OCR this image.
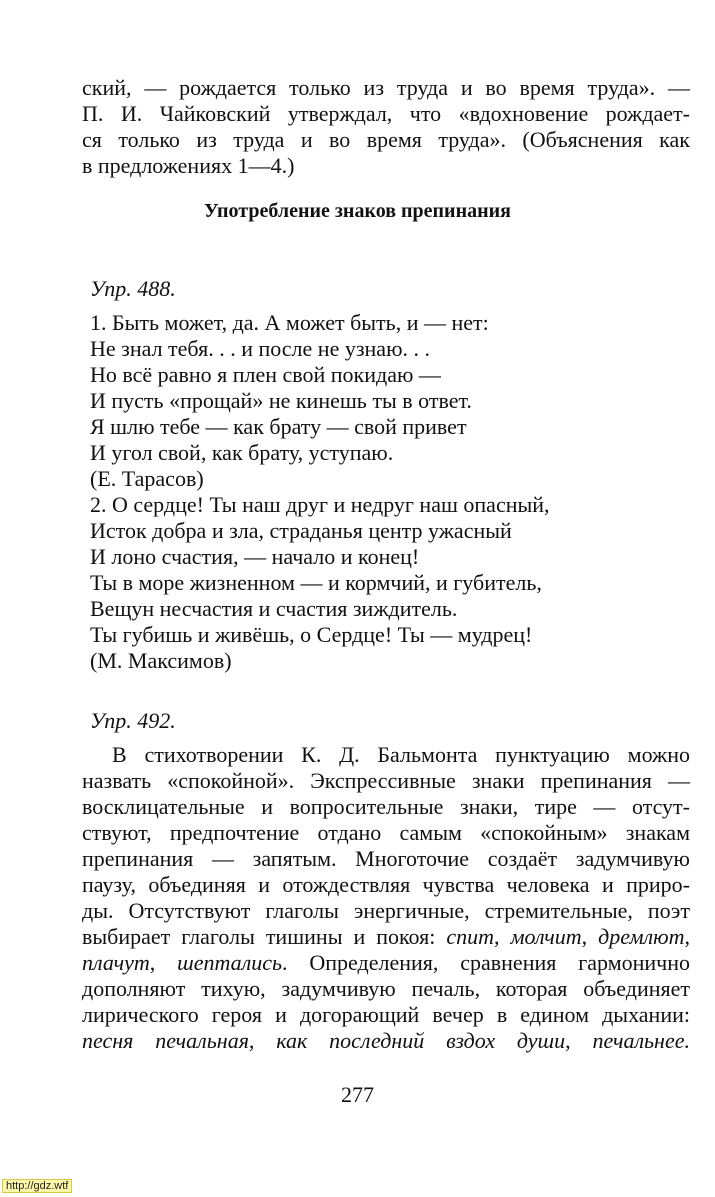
ский, — рождается только из труда и во время труда». —
П. И. Чайковский утверждал, что «вдохновение рождает-
ся только из труда и во время труда». (Объяснения как
в предложениях 1—4.)
Употребление знаков препинания
Упр. 488.
1. Быть может, да. А может быть, и — нет:
Не знал тебя. . . и после не узнаю. . .
Но всё равно я плен свой покидаю —
И пусть «прощай» не кинешь ты в ответ.
Я шлю тебе — как брату — свой привет
И угол свой, как брату, уступаю.
(Е. Тарасов)
2. О сердце! Ты наш друг и недруг наш опасный,
Исток добра и зла, страданья центр ужасный
И лоно счастия, — начало и конец!
Ты в море жизненном — и кормчий, и губитель,
Вещун несчастия и счастия зиждитель.
Ты губишь и живёшь, о Сердце! Ты — мудрец!
(М. Максимов)
Упр. 492.
В стихотворении К. Д. Бальмонта пунктуацию можно
назвать «спокойной». Экспрессивные знаки препинания —
восклицательные и вопросительные знаки, тире — отсут-
ствуют, предпочтение отдано самым «спокойным» знакам
препинания — запятым. Многоточие создаёт задумчивую
паузу, объединяя и отождествляя чувства человека и приро-
ды. Отсутствуют глаголы энергичные, стремительные, поэт
выбирает глаголы тишины и покоя: спит, молчит, дремлют,
плачут, шептались. Определения, сравнения гармонично
дополняют тихую, задумчивую печаль, которая объединяет
лирического героя и догорающий вечер в едином дыхании:
песня печальная, как последний вздох души, печальнее.
277
http://gdz.wtf
